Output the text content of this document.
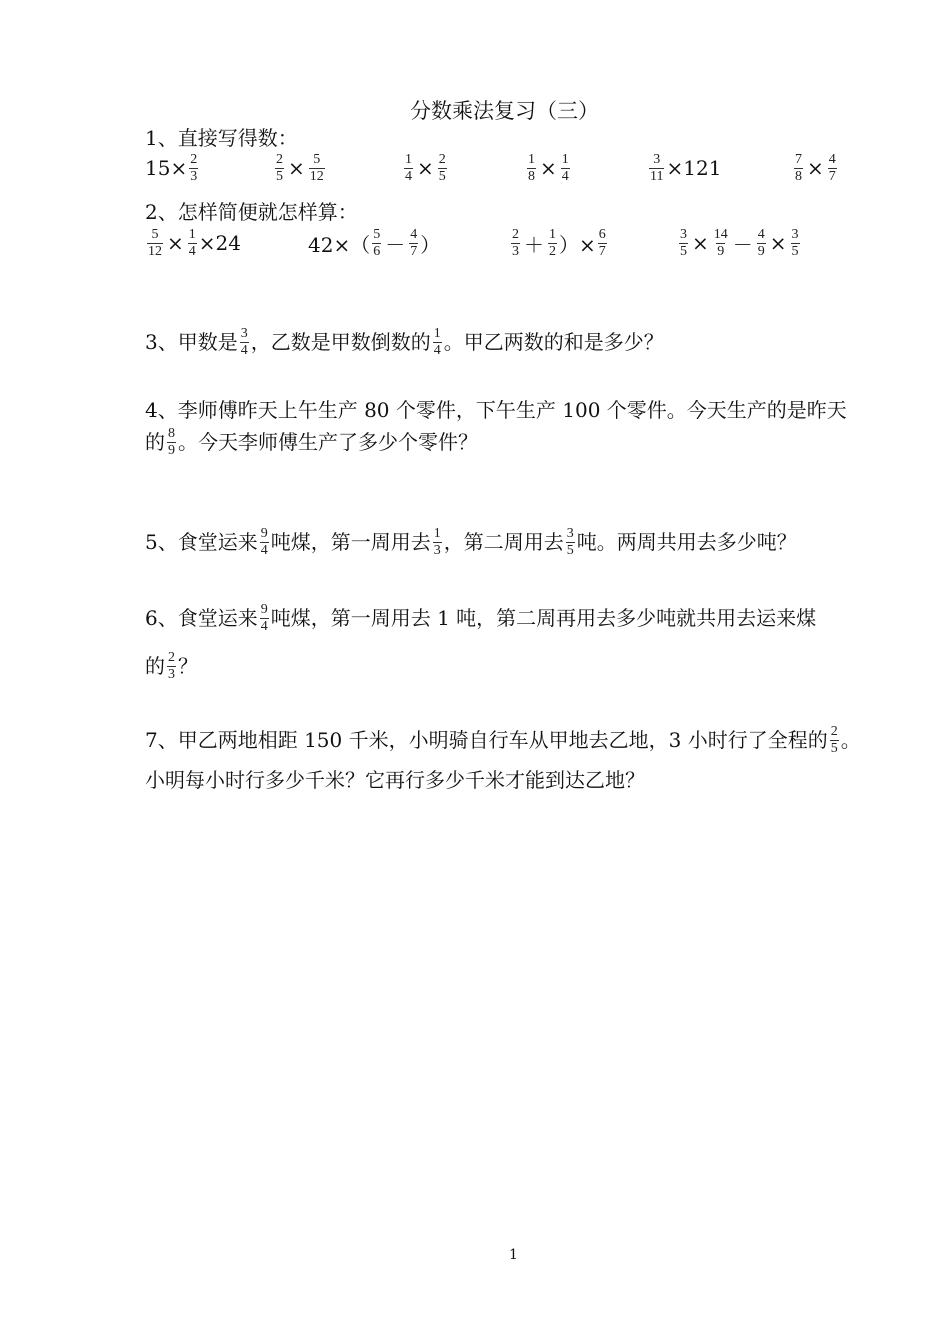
分数乘法复习（三）
1、直接写得数：
$15\times \frac{2}{3}$	$\frac{2}{5} \times \frac{5}{12}$	$\frac{1}{4} \times \frac{2}{5}$	$\frac{1}{8} \times \frac{1}{4}$	$\frac{3}{11} \times 121$	$\frac{7}{8} \times \frac{4}{7}$
2、怎样简便就怎样算：
$\frac{5}{12} \times \frac{1}{4} \times 24$	$42\times( \frac{5}{6} - \frac{4}{7}$ ）	$\frac{2}{3} + \frac{1}{2}$ ）× $\frac{6}{7}$	$\frac{3}{5} \times \frac{14}{9} - \frac{4}{9} \times \frac{3}{5}$
3、甲数是 $\frac{3}{4}$ ，乙数是甲数倒数的 $\frac{1}{4}$ 。甲乙两数的和是多少？
4、李师傅昨天上午生产 80 个零件，下午生产 100 个零件。今天生产的是昨天
的 $\frac{8}{9}$ 。今天李师傅生产了多少个零件？
5、食堂运来 $\frac{9}{4}$ 吨煤，第一周用去 $\frac{1}{3}$ ，第二周用去 $\frac{3}{5}$ 吨。两周共用去多少吨？
6、食堂运来 $\frac{9}{4}$ 吨煤，第一周用去 1 吨，第二周再用去多少吨就共用去运来煤
的 $\frac{2}{3}$ ？
7、甲乙两地相距 150 千米，小明骑自行车从甲地去乙地，3 小时行了全程的 $\frac{2}{5}$ 。
小明每小时行多少千米？它再行多少千米才能到达乙地？
1
